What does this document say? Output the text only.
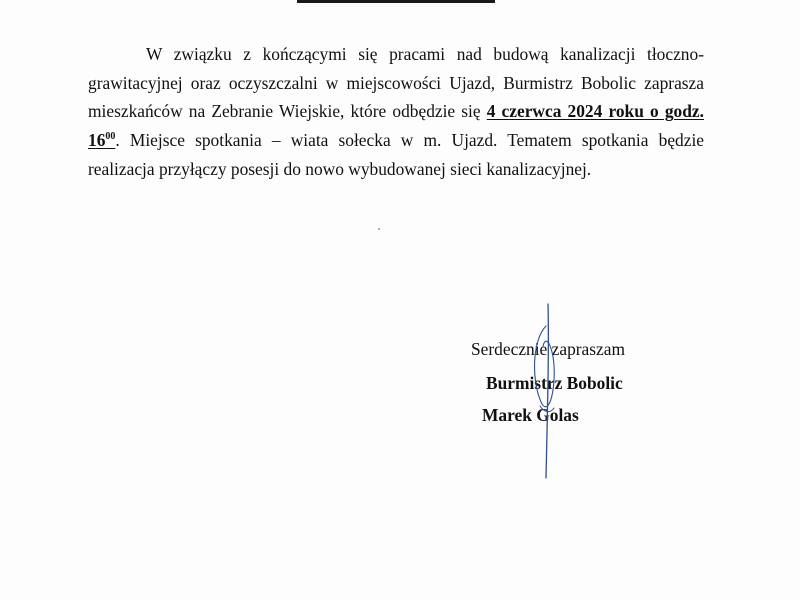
W związku z kończącymi się pracami nad budową kanalizacji tłoczno-grawitacyjnej oraz oczyszczalni w miejscowości Ujazd, Burmistrz Bobolic zaprasza mieszkańców na Zebranie Wiejskie, które odbędzie się 4 czerwca 2024 roku o godz. $16^{00}$. Miejsce spotkania – wiata sołecka w m. Ujazd. Tematem spotkania będzie realizacja przyłączy posesji do nowo wybudowanej sieci kanalizacyjnej.

Serdecznie zapraszam
Burmistrz Bobolic
Marek Golas
